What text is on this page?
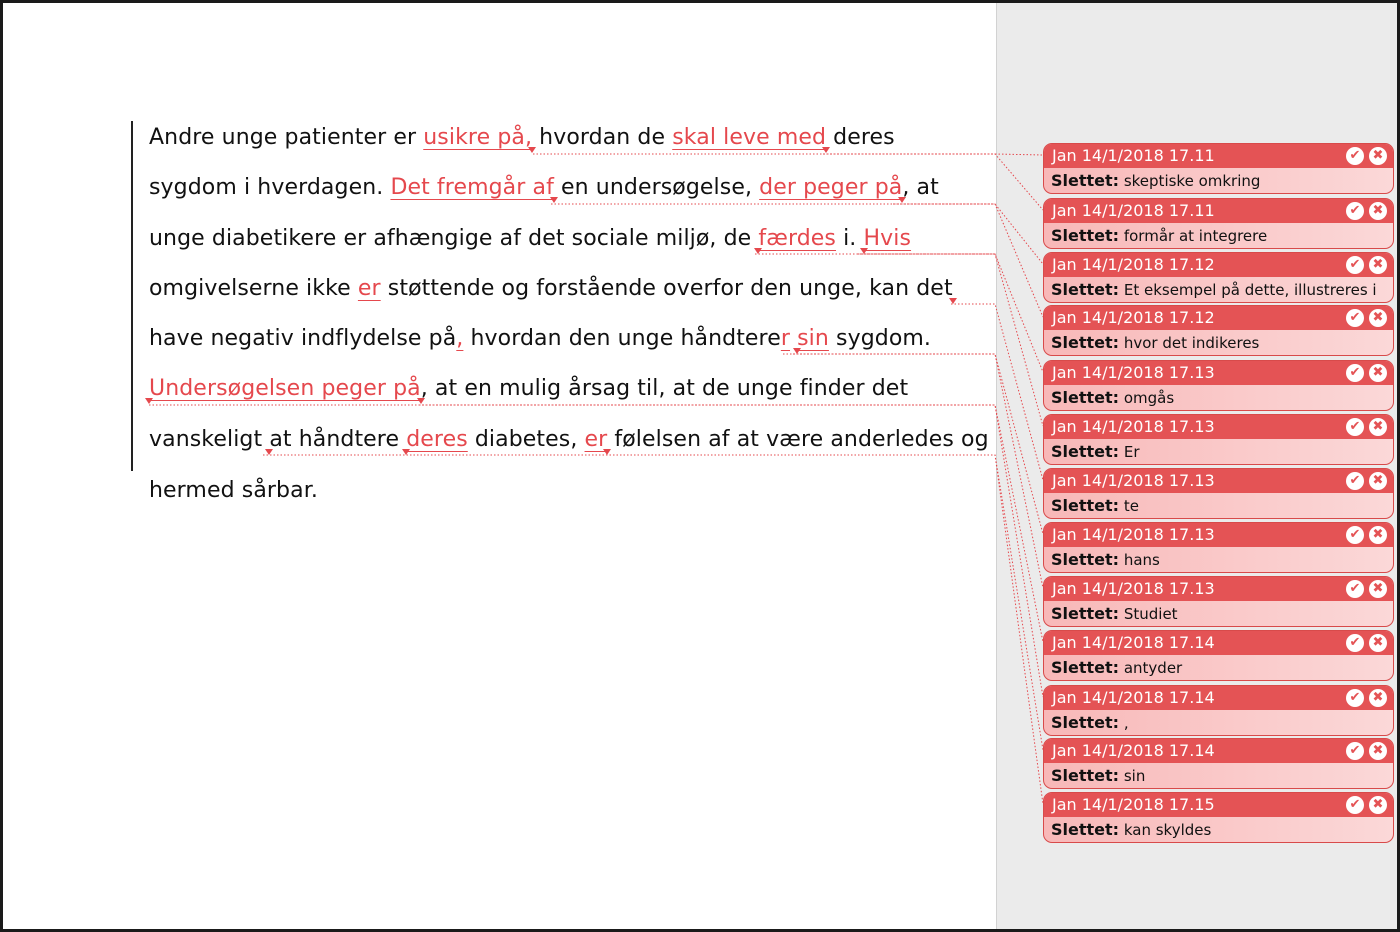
Andre unge patienter er usikre på, hvordan de skal leve med deres
sygdom i hverdagen. Det fremgår af en undersøgelse, der peger på, at
unge diabetikere er afhængige af det sociale miljø, de færdes i. Hvis
omgivelserne ikke er støttende og forstående overfor den unge, kan det
have negativ indflydelse på, hvordan den unge håndterer sin sygdom.
Undersøgelsen peger på, at en mulig årsag til, at de unge finder det
vanskeligt at håndtere deres diabetes, er følelsen af at være anderledes og
hermed sårbar.
Jan 14/1/2018 17.11	✔ ✖
Slettet: skeptiske omkring
Jan 14/1/2018 17.11	✔ ✖
Slettet: formår at integrere
Jan 14/1/2018 17.12	✔ ✖
Slettet: Et eksempel på dette, illustreres i
Jan 14/1/2018 17.12	✔ ✖
Slettet: hvor det indikeres
Jan 14/1/2018 17.13	✔ ✖
Slettet: omgås
Jan 14/1/2018 17.13	✔ ✖
Slettet: Er
Jan 14/1/2018 17.13	✔ ✖
Slettet: te
Jan 14/1/2018 17.13	✔ ✖
Slettet: hans
Jan 14/1/2018 17.13	✔ ✖
Slettet: Studiet
Jan 14/1/2018 17.14	✔ ✖
Slettet: antyder
Jan 14/1/2018 17.14	✔ ✖
Slettet: ,
Jan 14/1/2018 17.14	✔ ✖
Slettet: sin
Jan 14/1/2018 17.15	✔ ✖
Slettet: kan skyldes
